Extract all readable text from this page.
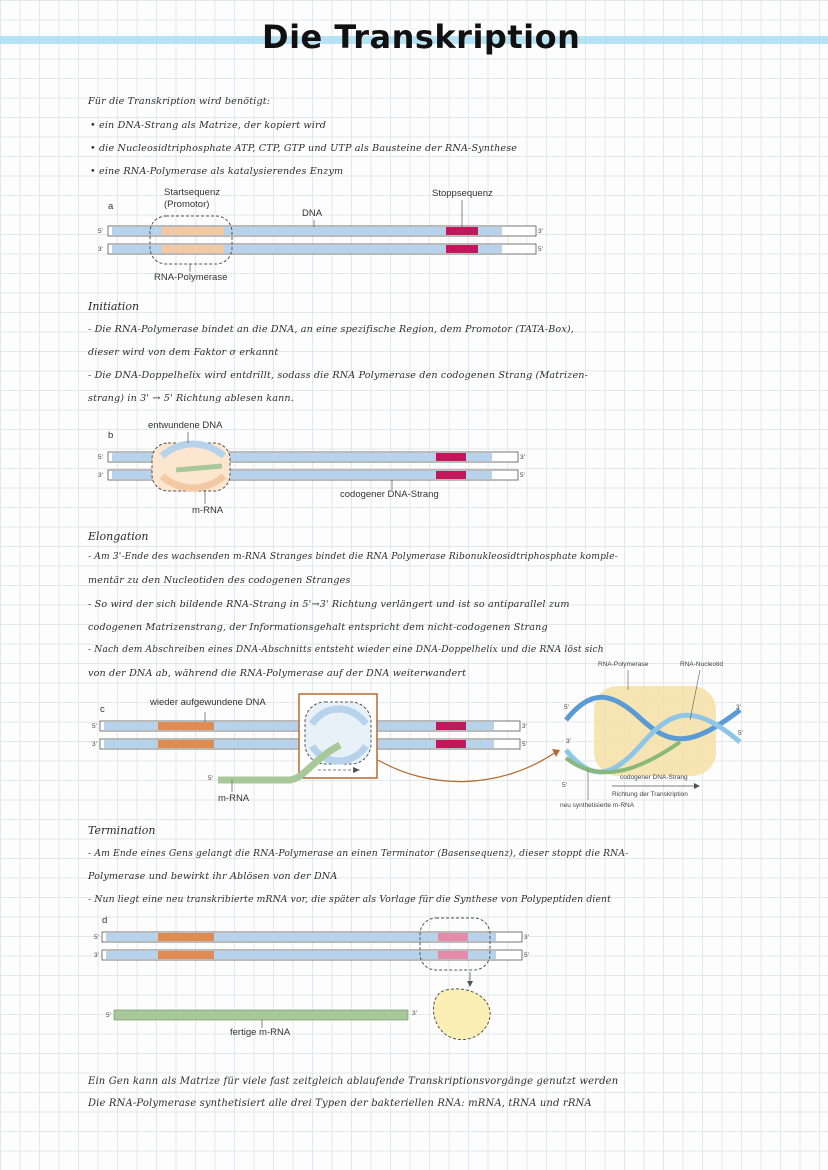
Die Transkription
Für die Transkription wird benötigt:
• ein DNA-Strang als Matrize, der kopiert wird
• die Nucleosidtriphosphate ATP, CTP, GTP und UTP als Bausteine der RNA-Synthese
• eine RNA-Polymerase als katalysierendes Enzym
a
Startsequenz
(Promotor)
DNA
Stoppsequenz
RNA-Polymerase
5'
3'
3'
5'
Initiation
- Die RNA-Polymerase bindet an die DNA, an eine spezifische Region, dem Promotor (TATA-Box),
dieser wird von dem Faktor σ erkannt
- Die DNA-Doppelhelix wird entdrillt, sodass die RNA Polymerase den codogenen Strang (Matrizen-
strang) in 3' → 5' Richtung ablesen kann.
b
entwundene DNA
m-RNA
codogener DNA-Strang
5'
3'
3'
5'
Elongation
- Am 3'-Ende des wachsenden m-RNA Stranges bindet die RNA Polymerase Ribonukleosidtriphosphate komple-
mentär zu den Nucleotiden des codogenen Stranges
- So wird der sich bildende RNA-Strang in 5'→3' Richtung verlängert und ist so antiparallel zum
codogenen Matrizenstrang, der Informationsgehalt entspricht dem nicht-codogenen Strang
- Nach dem Abschreiben eines DNA-Abschnitts entsteht wieder eine DNA-Doppelhelix und die RNA löst sich
von der DNA ab, während die RNA-Polymerase auf der DNA weiterwandert
c
wieder aufgewundene DNA
m-RNA
5'
5'
3'
3'
5'
RNA-Polymerase	RNA-Nucleotid
codogener DNA-Strang
Richtung der Transkription
neu synthetisierte m-RNA
5'
3'
5'
3'
5'
Termination
- Am Ende eines Gens gelangt die RNA-Polymerase an einen Terminator (Basensequenz), dieser stoppt die RNA-
Polymerase und bewirkt ihr Ablösen von der DNA
- Nun liegt eine neu transkribierte mRNA vor, die später als Vorlage für die Synthese von Polypeptiden dient
d
fertige m-RNA
5'
3'
3'
5'
5'	3'
Ein Gen kann als Matrize für viele fast zeitgleich ablaufende Transkriptionsvorgänge genutzt werden
Die RNA-Polymerase synthetisiert alle drei Typen der bakteriellen RNA: mRNA, tRNA und rRNA
